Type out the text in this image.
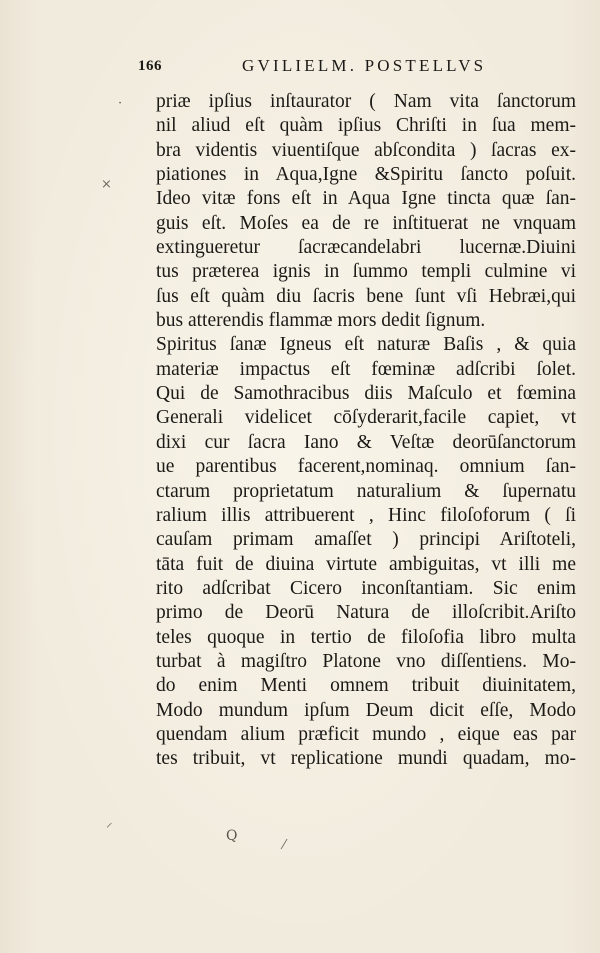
166	GVILIELM. POSTELLVS
priæ ipſius inſtaurator ( Nam vita ſanctorum
nil aliud eſt quàm ipſius Chriſti in ſua mem-
bra videntis viuentiſque abſcondita ) ſacras ex-
piationes in Aqua,Igne &Spiritu ſancto poſuit.
Ideo vitæ fons eſt in Aqua Igne tincta quæ ſan-
guis eſt. Moſes ea de re inſtituerat ne vnquam
extingueretur ſacræcandelabri lucernæ.Diuini
tus præterea ignis in ſummo templi culmine vi
ſus eſt quàm diu ſacris bene ſunt vſi Hebræi,qui
bus atterendis flammæ mors dedit ſignum.
Spiritus ſanæ Igneus eſt naturæ Baſis , & quia
materiæ impactus eſt fœminæ adſcribi ſolet.
Qui de Samothracibus diis Maſculo et fœmina
Generali videlicet cōſyderarit,facile capiet, vt
dixi cur ſacra Iano & Veſtæ deorūſanctorum
ue parentibus facerent,nominaq. omnium ſan-
ctarum proprietatum naturalium & ſupernatu
ralium illis attribuerent , Hinc filoſoforum ( ſi
cauſam primam amaſſet ) principi Ariſtoteli,
tāta fuit de diuina virtute ambiguitas, vt illi me
rito adſcribat Cicero inconſtantiam. Sic enim
primo de Deorū Natura de illoſcribit.Ariſto
teles quoque in tertio de filoſofia libro multa
turbat à magiſtro Platone vno diſſentiens. Mo-
do enim Menti omnem tribuit diuinitatem,
Modo mundum ipſum Deum dicit eſſe, Modo
quendam alium præficit mundo , eique eas par
tes tribuit, vt replicatione mundi quadam, mo-
Q
·
×
⁄
⸍
